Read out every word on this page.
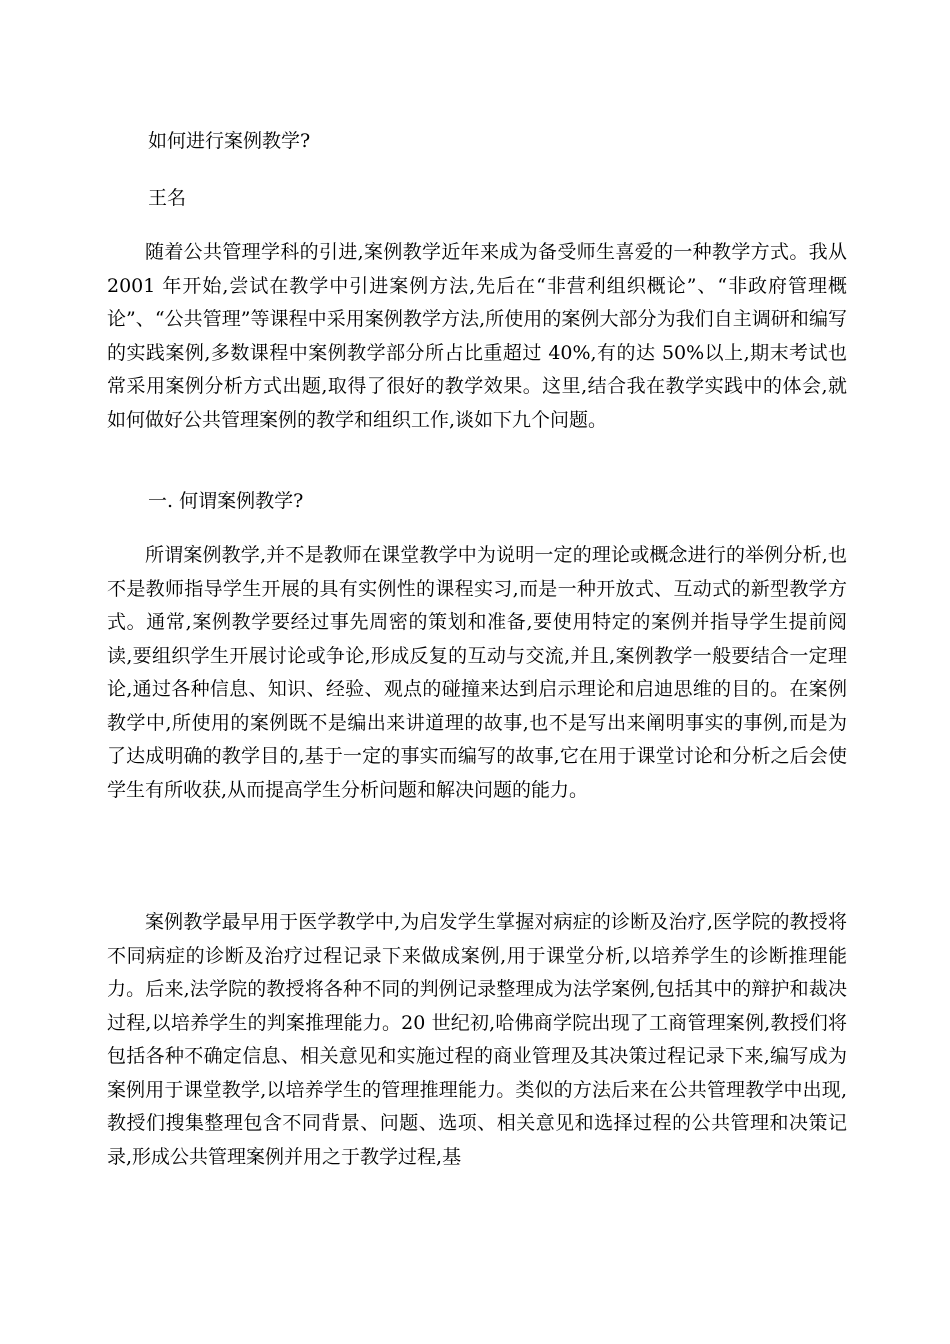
如何进行案例教学?
王名

随着公共管理学科的引进,案例教学近年来成为备受师生喜爱的一种教学方式。我从 2001 年开始,尝试在教学中引进案例方法,先后在“非营利组织概论”、“非政府管理概论”、“公共管理”等课程中采用案例教学方法,所使用的案例大部分为我们自主调研和编写的实践案例,多数课程中案例教学部分所占比重超过 40%,有的达 50%以上,期末考试也常采用案例分析方式出题,取得了很好的教学效果。这里,结合我在教学实践中的体会,就如何做好公共管理案例的教学和组织工作,谈如下九个问题。

一. 何谓案例教学?

所谓案例教学,并不是教师在课堂教学中为说明一定的理论或概念进行的举例分析,也不是教师指导学生开展的具有实例性的课程实习,而是一种开放式、互动式的新型教学方式。通常,案例教学要经过事先周密的策划和准备,要使用特定的案例并指导学生提前阅读,要组织学生开展讨论或争论,形成反复的互动与交流,并且,案例教学一般要结合一定理论,通过各种信息、知识、经验、观点的碰撞来达到启示理论和启迪思维的目的。在案例教学中,所使用的案例既不是编出来讲道理的故事,也不是写出来阐明事实的事例,而是为了达成明确的教学目的,基于一定的事实而编写的故事,它在用于课堂讨论和分析之后会使学生有所收获,从而提高学生分析问题和解决问题的能力。

案例教学最早用于医学教学中,为启发学生掌握对病症的诊断及治疗,医学院的教授将不同病症的诊断及治疗过程记录下来做成案例,用于课堂分析,以培养学生的诊断推理能力。后来,法学院的教授将各种不同的判例记录整理成为法学案例,包括其中的辩护和裁决过程,以培养学生的判案推理能力。20 世纪初,哈佛商学院出现了工商管理案例,教授们将包括各种不确定信息、相关意见和实施过程的商业管理及其决策过程记录下来,编写成为案例用于课堂教学,以培养学生的管理推理能力。类似的方法后来在公共管理教学中出现,教授们搜集整理包含不同背景、问题、选项、相关意见和选择过程的公共管理和决策记录,形成公共管理案例并用之于教学过程,基
